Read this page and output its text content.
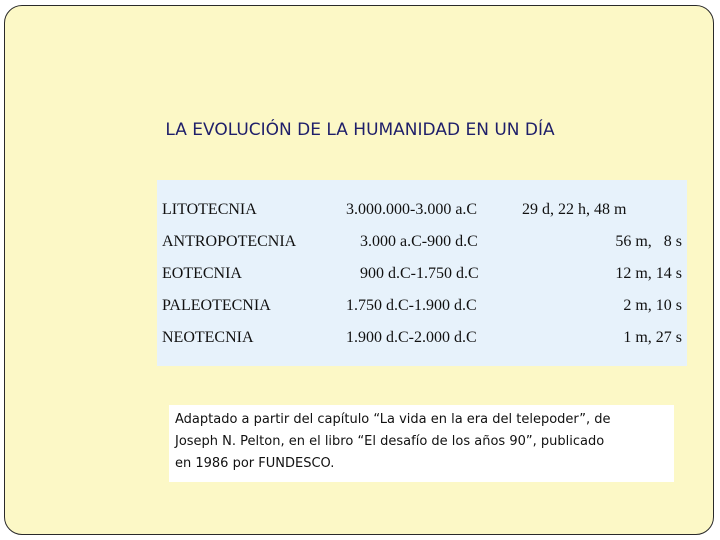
LA EVOLUCIÓN DE LA HUMANIDAD EN UN DÍA
LITOTECNIA	3.000.000-3.000 a.C	29 d, 22 h, 48 m
ANTROPOTECNIA	3.000 a.C-900 d.C	56 m,   8 s
EOTECNIA	900 d.C-1.750 d.C	12 m, 14 s
PALEOTECNIA	1.750 d.C-1.900 d.C	2 m, 10 s
NEOTECNIA	1.900 d.C-2.000 d.C	1 m, 27 s
Adaptado a partir del capítulo “La vida en la era del telepoder”, de
Joseph N. Pelton, en el libro “El desafío de los años 90”, publicado
en 1986 por FUNDESCO.
